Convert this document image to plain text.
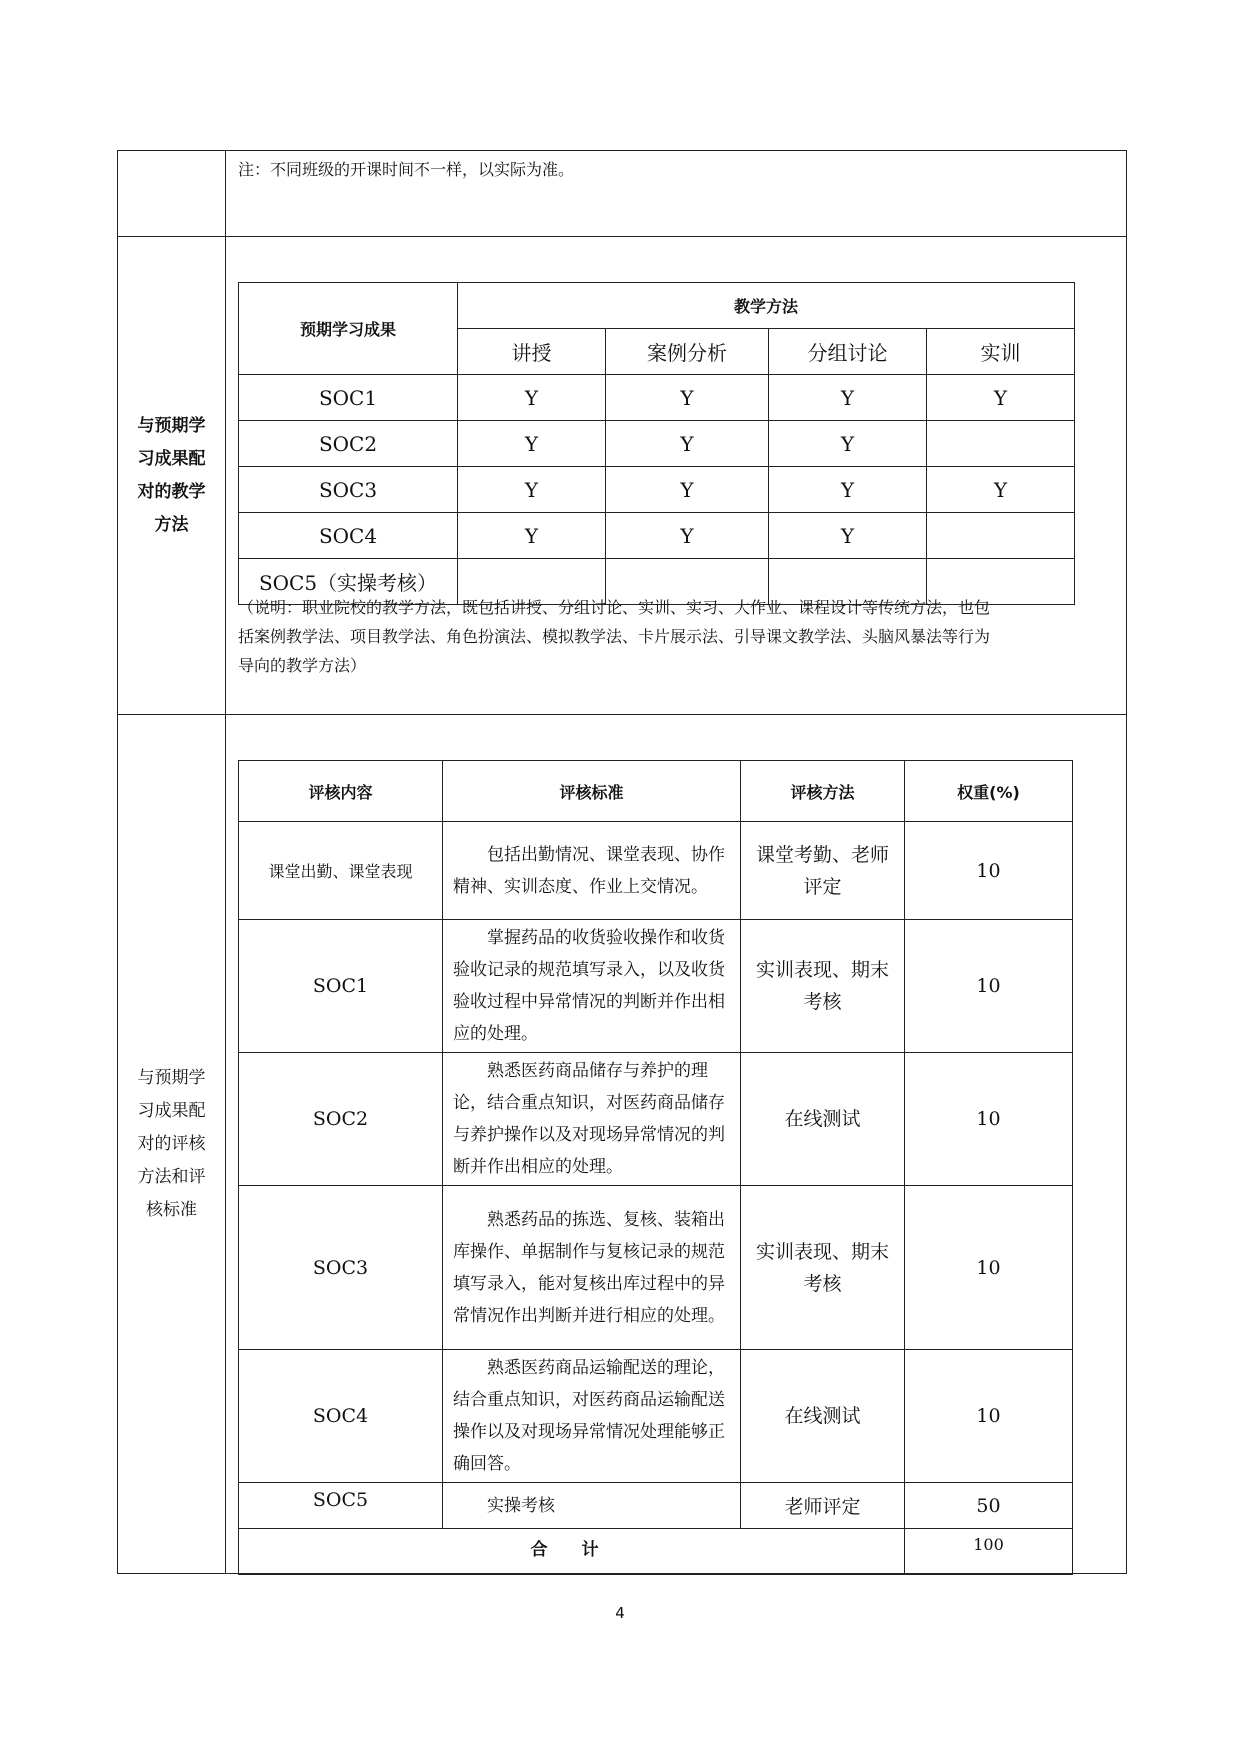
注：不同班级的开课时间不一样，以实际为准。
与预期学
习成果配
对的教学
方法
预期学习成果	教学方法			
	讲授	案例分析	分组讨论	实训
SOC1	Y	Y	Y	Y
SOC2	Y	Y	Y	
SOC3	Y	Y	Y	Y
SOC4	Y	Y	Y	
SOC5（实操考核）				
（说明：职业院校的教学方法，既包括讲授、分组讨论、实训、实习、大作业、课程设计等传统方法，也包
括案例教学法、项目教学法、角色扮演法、模拟教学法、卡片展示法、引导课文教学法、头脑风暴法等行为
导向的教学方法）
与预期学
习成果配
对的评核
方法和评
核标准
评核内容	评核标准	评核方法	权重(%)
课堂出勤、课堂表现	包括出勤情况、课堂表现、协作精神、实训态度、作业上交情况。	课堂考勤、老师评定	10
SOC1	掌握药品的收货验收操作和收货验收记录的规范填写录入，以及收货验收过程中异常情况的判断并作出相应的处理。	实训表现、期末考核	10
SOC2	熟悉医药商品储存与养护的理论，结合重点知识，对医药商品储存与养护操作以及对现场异常情况的判断并作出相应的处理。	在线测试	10
SOC3	熟悉药品的拣选、复核、装箱出库操作、单据制作与复核记录的规范填写录入，能对复核出库过程中的异常情况作出判断并进行相应的处理。	实训表现、期末考核	10
SOC4	熟悉医药商品运输配送的理论，结合重点知识，对医药商品运输配送操作以及对现场异常情况处理能够正确回答。	在线测试	10
SOC5	实操考核	老师评定	50
合 计			100
4
